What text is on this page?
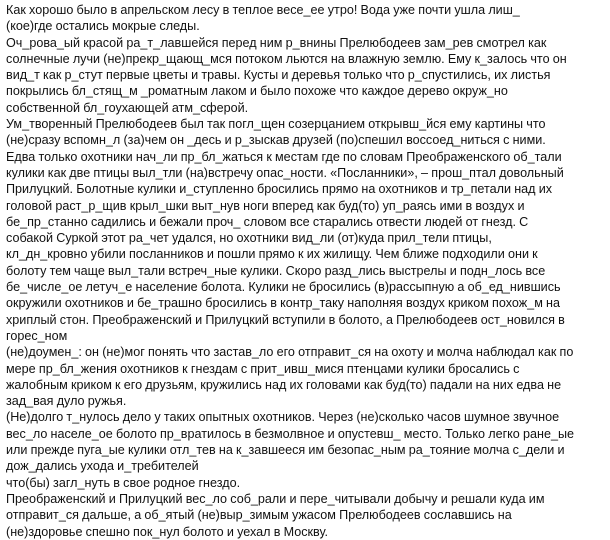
Как хорошо было в апрельском лесу в теплое весе_ее утро! Вода уже почти ушла лиш_
(кое)где остались мокрые следы.

Оч_рова_ый красой ра_т_лавшейся перед ним р_внины Прелюбодеев зам_рев смотрел как
солнечные лучи (не)прекр_щающ_мся потоком льются на влажную землю. Ему к_залось что он
вид_т как р_стут первые цветы и травы. Кусты и деревья только что р_спустились, их листья
покрылись бл_стящ_м _роматным лаком и было похоже что каждое дерево окруж_но
собственной бл_гоухающей атм_сферой.

Ум_творенный Прелюбодеев был так погл_щен созерцанием открывш_йся ему картины что
(не)сразу вспомн_л (за)чем он _десь и р_зыскав друзей (по)спешил воссоед_ниться с ними.

Едва только охотники нач_ли пр_бл_жаться к местам где по словам Преображенского об_тали
кулики как две птицы выл_тли (на)встречу опас_ности. «Посланники», – прош_птал довольный
Прилуцкий. Болотные кулики и_ступленно бросились прямо на охотников и тр_петали над их
головой раст_р_щив крыл_шки выт_нув ноги вперед как буд(то) уп_раясь ими в воздух и
бе_пр_станно садились и бежали проч_ словом все старались отвести людей от гнезд. С
собакой Суркой этот ра_чет удался, но охотники вид_ли (от)куда прил_тели птицы,
кл_дн_кровно убили посланников и пошли прямо к их жилищу. Чем ближе подходили они к
болоту тем чаще выл_тали встреч_ные кулики. Скоро разд_лись выстрелы и подн_лось все
бе_числе_ое летуч_е население болота. Кулики не бросились (в)рассыпную а об_ед_нившись
окружили охотников и бе_трашно бросились в контр_таку наполняя воздух криком похож_м на
хриплый стон. Преображенский и Прилуцкий вступили в болото, а Прелюбодеев ост_новился в
горес_ном

(не)доумен_: он (не)мог понять что застав_ло его отправит_ся на охоту и молча наблюдал как по
мере пр_бл_жения охотников к гнездам с прит_ивш_мися птенцами кулики бросались с
жалобным криком к его друзьям, кружились над их головами как буд(то) падали на них едва не
зад_вая дуло ружья.

(Не)долго т_нулось дело у таких опытных охотников. Через (не)сколько часов шумное звучное
вес_ло населе_ое болото пр_вратилось в безмолвное и опустевш_ место. Только легко ране_ые
или прежде пуга_ые кулики отл_тев на к_завшееся им безопас_ным ра_тояние молча с_дели и
дож_дались ухода и_требителей
что(бы) загл_нуть в свое родное гнездо.

Преображенский и Прилуцкий вес_ло соб_рали и пере_читывали добычу и решали куда им
отправит_ся дальше, а об_ятый (не)выр_зимым ужасом Прелюбодеев сославшись на
(не)здоровье спешно пок_нул болото и уехал в Москву.
